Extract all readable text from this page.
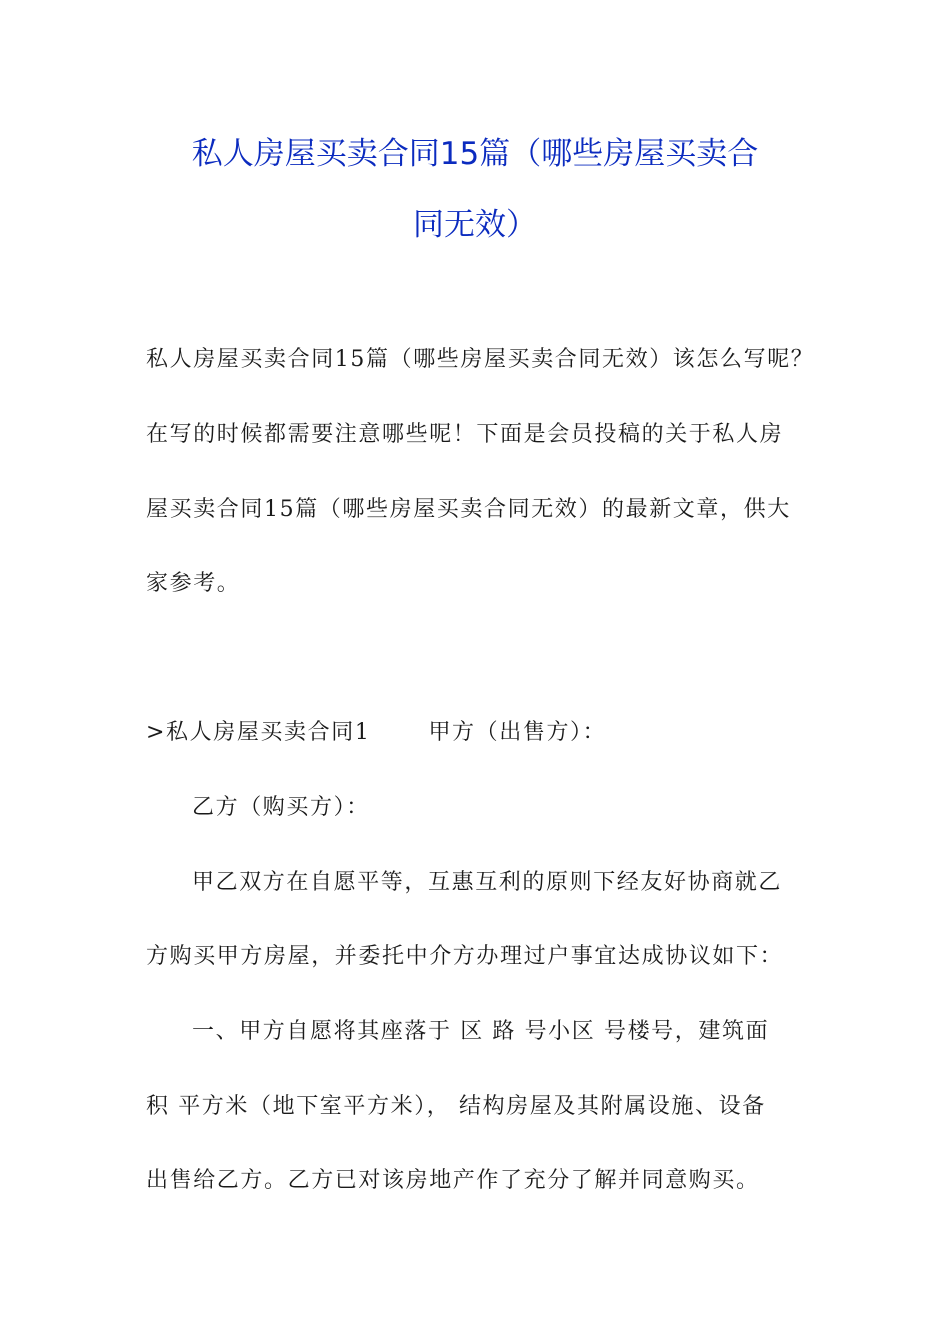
私人房屋买卖合同15篇（哪些房屋买卖合
同无效）
私人房屋买卖合同15篇（哪些房屋买卖合同无效）该怎么写呢？
在写的时候都需要注意哪些呢！下面是会员投稿的关于私人房
屋买卖合同15篇（哪些房屋买卖合同无效）的最新文章，供大
家参考。
>私人房屋买卖合同1	甲方（出售方）：
乙方（购买方）：
甲乙双方在自愿平等，互惠互利的原则下经友好协商就乙
方购买甲方房屋，并委托中介方办理过户事宜达成协议如下：
一、甲方自愿将其座落于 区 路 号小区 号楼号，建筑面
积 平方米（地下室平方米）， 结构房屋及其附属设施、设备
出售给乙方。乙方已对该房地产作了充分了解并同意购买。
